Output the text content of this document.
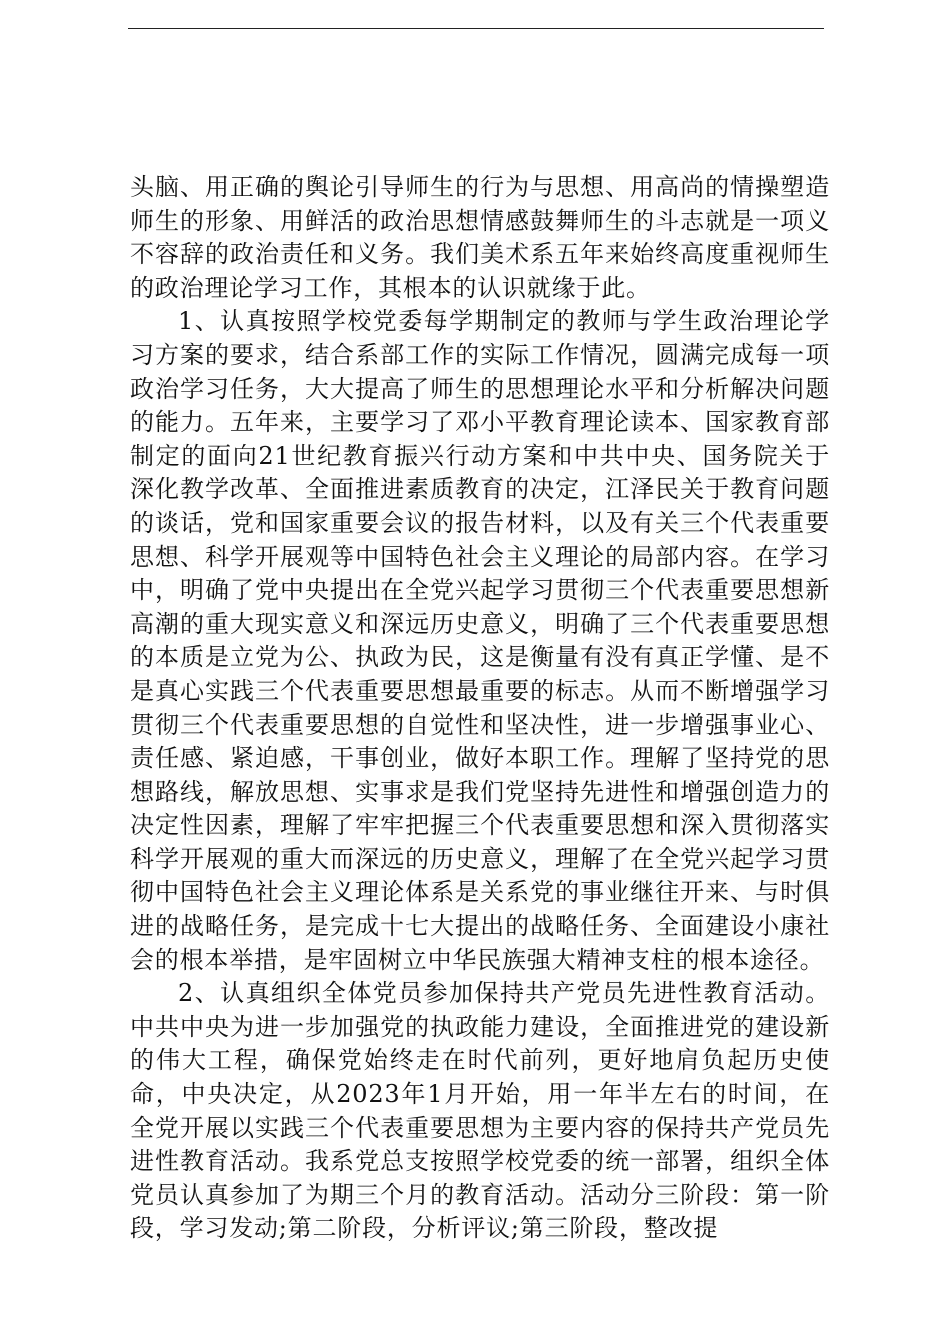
头脑、用正确的舆论引导师生的行为与思想、用高尚的情操塑造师生的形象、用鲜活的政治思想情感鼓舞师生的斗志就是一项义不容辞的政治责任和义务。我们美术系五年来始终高度重视师生的政治理论学习工作，其根本的认识就缘于此。

1、认真按照学校党委每学期制定的教师与学生政治理论学习方案的要求，结合系部工作的实际工作情况，圆满完成每一项政治学习任务，大大提高了师生的思想理论水平和分析解决问题的能力。五年来，主要学习了邓小平教育理论读本、国家教育部制定的面向21世纪教育振兴行动方案和中共中央、国务院关于深化教学改革、全面推进素质教育的决定，江泽民关于教育问题的谈话，党和国家重要会议的报告材料，以及有关三个代表重要思想、科学开展观等中国特色社会主义理论的局部内容。在学习中，明确了党中央提出在全党兴起学习贯彻三个代表重要思想新高潮的重大现实意义和深远历史意义，明确了三个代表重要思想的本质是立党为公、执政为民，这是衡量有没有真正学懂、是不是真心实践三个代表重要思想最重要的标志。从而不断增强学习贯彻三个代表重要思想的自觉性和坚决性，进一步增强事业心、责任感、紧迫感，干事创业，做好本职工作。理解了坚持党的思想路线，解放思想、实事求是我们党坚持先进性和增强创造力的决定性因素，理解了牢牢把握三个代表重要思想和深入贯彻落实科学开展观的重大而深远的历史意义，理解了在全党兴起学习贯彻中国特色社会主义理论体系是关系党的事业继往开来、与时俱进的战略任务，是完成十七大提出的战略任务、全面建设小康社会的根本举措，是牢固树立中华民族强大精神支柱的根本途径。

2、认真组织全体党员参加保持共产党员先进性教育活动。中共中央为进一步加强党的执政能力建设，全面推进党的建设新的伟大工程，确保党始终走在时代前列，更好地肩负起历史使命，中央决定，从2023年1月开始，用一年半左右的时间，在全党开展以实践三个代表重要思想为主要内容的保持共产党员先进性教育活动。我系党总支按照学校党委的统一部署，组织全体党员认真参加了为期三个月的教育活动。活动分三阶段：第一阶段，学习发动;第二阶段，分析评议;第三阶段，整改提
